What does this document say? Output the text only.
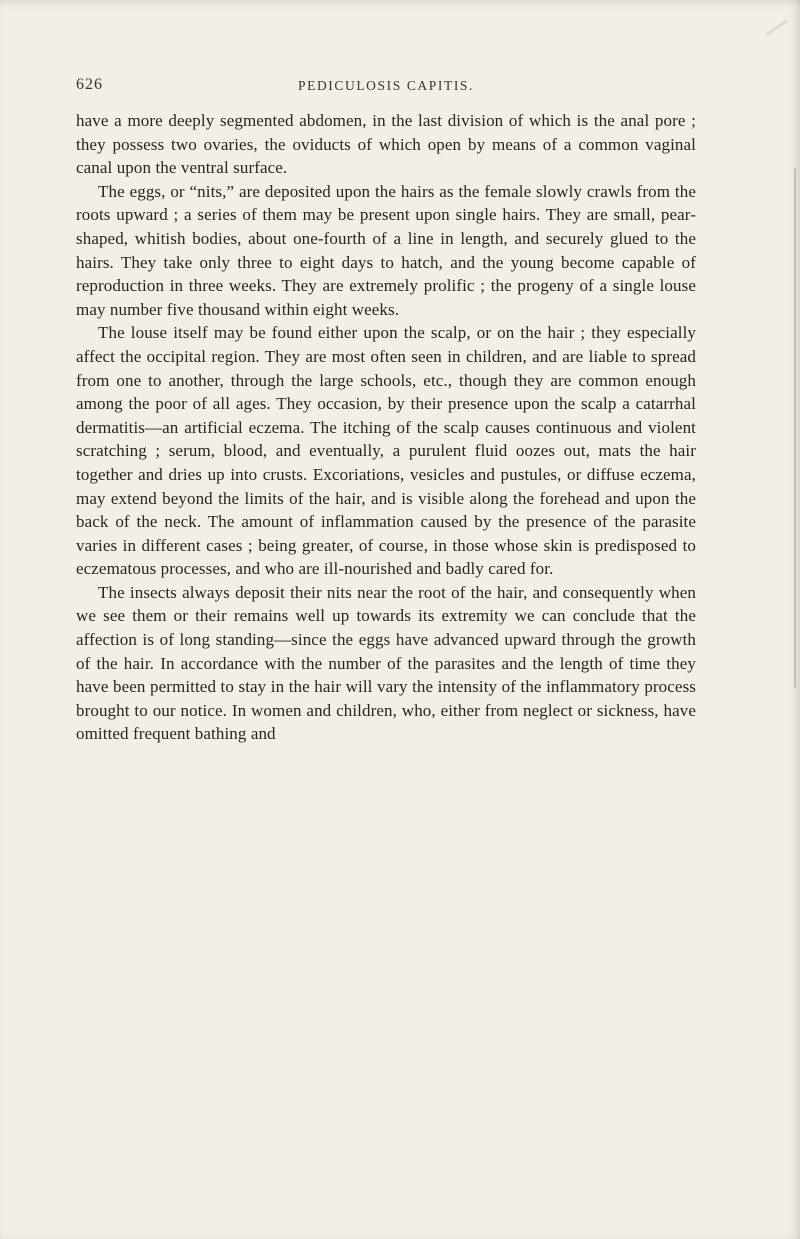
626	PEDICULOSIS CAPITIS.

have a more deeply segmented abdomen, in the last division of which is the anal pore ; they possess two ovaries, the oviducts of which open by means of a common vaginal canal upon the ventral surface.

The eggs, or “nits,” are deposited upon the hairs as the female slowly crawls from the roots upward ; a series of them may be present upon single hairs. They are small, pear-shaped, whitish bodies, about one-fourth of a line in length, and securely glued to the hairs. They take only three to eight days to hatch, and the young become capable of reproduction in three weeks. They are extremely prolific ; the progeny of a single louse may number five thousand within eight weeks.

The louse itself may be found either upon the scalp, or on the hair ; they especially affect the occipital region. They are most often seen in children, and are liable to spread from one to another, through the large schools, etc., though they are common enough among the poor of all ages. They occasion, by their presence upon the scalp a catarrhal dermatitis—an artificial eczema. The itching of the scalp causes continuous and violent scratching ; serum, blood, and eventually, a purulent fluid oozes out, mats the hair together and dries up into crusts. Excoriations, vesicles and pustules, or diffuse eczema, may extend beyond the limits of the hair, and is visible along the forehead and upon the back of the neck. The amount of inflammation caused by the presence of the parasite varies in different cases ; being greater, of course, in those whose skin is predisposed to eczematous processes, and who are ill-nourished and badly cared for.

The insects always deposit their nits near the root of the hair, and consequently when we see them or their remains well up towards its extremity we can conclude that the affection is of long standing—since the eggs have advanced upward through the growth of the hair. In accordance with the number of the parasites and the length of time they have been permitted to stay in the hair will vary the intensity of the inflammatory process brought to our notice. In women and children, who, either from neglect or sickness, have omitted frequent bathing and
